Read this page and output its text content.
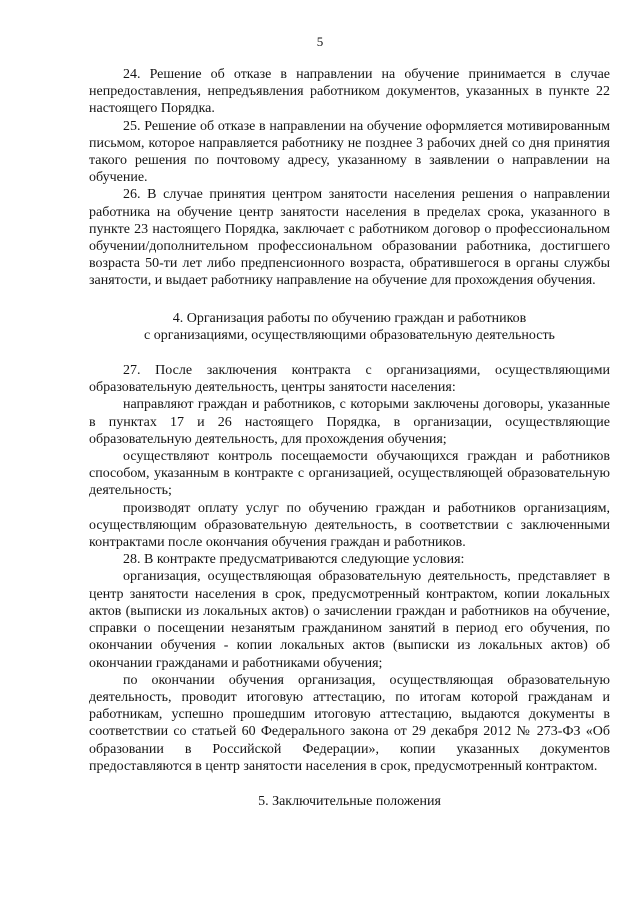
5

24. Решение об отказе в направлении на обучение принимается в случае непредоставления, непредъявления работником документов, указанных в пункте 22 настоящего Порядка.

25. Решение об отказе в направлении на обучение оформляется мотивированным письмом, которое направляется работнику не позднее 3 рабочих дней со дня принятия такого решения по почтовому адресу, указанному в заявлении о направлении на обучение.

26. В случае принятия центром занятости населения решения о направлении работника на обучение центр занятости населения в пределах срока, указанного в пункте 23 настоящего Порядка, заключает с работником договор о профессиональном обучении/дополнительном профессиональном образовании работника, достигшего возраста 50-ти лет либо предпенсионного возраста, обратившегося в органы службы занятости, и выдает работнику направление на обучение для прохождения обучения.

4. Организация работы по обучению граждан и работников
с организациями, осуществляющими образовательную деятельность

27. После заключения контракта с организациями, осуществляющими образовательную деятельность, центры занятости населения:

направляют граждан и работников, с которыми заключены договоры, указанные в пунктах 17 и 26 настоящего Порядка, в организации, осуществляющие образовательную деятельность, для прохождения обучения;

осуществляют контроль посещаемости обучающихся граждан и работников способом, указанным в контракте с организацией, осуществляющей образовательную деятельность;

производят оплату услуг по обучению граждан и работников организациям, осуществляющим образовательную деятельность, в соответствии с заключенными контрактами после окончания обучения граждан и работников.

28. В контракте предусматриваются следующие условия:

организация, осуществляющая образовательную деятельность, представляет в центр занятости населения в срок, предусмотренный контрактом, копии локальных актов (выписки из локальных актов) о зачислении граждан и работников на обучение, справки о посещении незанятым гражданином занятий в период его обучения, по окончании обучения - копии локальных актов (выписки из локальных актов) об окончании гражданами и работниками обучения;

по окончании обучения организация, осуществляющая образовательную деятельность, проводит итоговую аттестацию, по итогам которой гражданам и работникам, успешно прошедшим итоговую аттестацию, выдаются документы в соответствии со статьей 60 Федерального закона от 29 декабря 2012 № 273-ФЗ «Об образовании в Российской Федерации», копии указанных документов предоставляются в центр занятости населения в срок, предусмотренный контрактом.

5. Заключительные положения
